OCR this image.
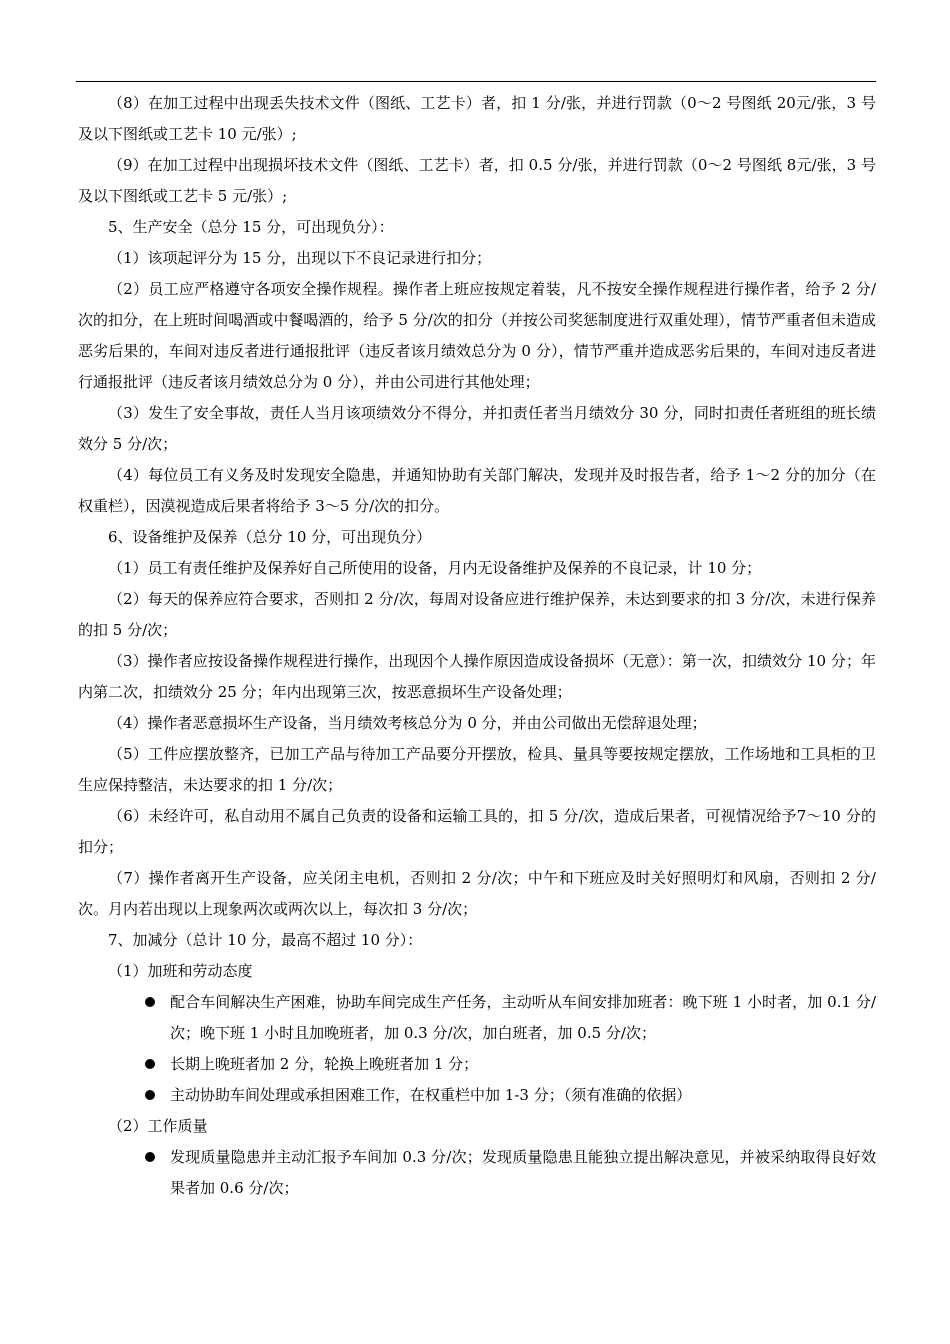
（8）在加工过程中出现丢失技术文件（图纸、工艺卡）者，扣 1 分/张，并进行罚款（0～2 号图纸 20元/张，3 号及以下图纸或工艺卡 10 元/张）;

（9）在加工过程中出现损坏技术文件（图纸、工艺卡）者，扣 0.5 分/张，并进行罚款（0～2 号图纸 8元/张，3 号及以下图纸或工艺卡 5 元/张）;

5、生产安全（总分 15 分，可出现负分）：

（1）该项起评分为 15 分，出现以下不良记录进行扣分；

（2）员工应严格遵守各项安全操作规程。操作者上班应按规定着装，凡不按安全操作规程进行操作者，给予 2 分/次的扣分，在上班时间喝酒或中餐喝酒的，给予 5 分/次的扣分（并按公司奖惩制度进行双重处理），情节严重者但未造成恶劣后果的，车间对违反者进行通报批评（违反者该月绩效总分为 0 分），情节严重并造成恶劣后果的，车间对违反者进行通报批评（违反者该月绩效总分为 0 分），并由公司进行其他处理；

（3）发生了安全事故，责任人当月该项绩效分不得分，并扣责任者当月绩效分 30 分，同时扣责任者班组的班长绩效分 5 分/次；

（4）每位员工有义务及时发现安全隐患，并通知协助有关部门解决，发现并及时报告者，给予 1～2 分的加分（在权重栏），因漠视造成后果者将给予 3～5 分/次的扣分。

6、设备维护及保养（总分 10 分，可出现负分）

（1）员工有责任维护及保养好自己所使用的设备，月内无设备维护及保养的不良记录，计 10 分；

（2）每天的保养应符合要求，否则扣 2 分/次，每周对设备应进行维护保养，未达到要求的扣 3 分/次，未进行保养的扣 5 分/次；

（3）操作者应按设备操作规程进行操作，出现因个人操作原因造成设备损坏（无意）：第一次，扣绩效分 10 分；年内第二次，扣绩效分 25 分；年内出现第三次，按恶意损坏生产设备处理；

（4）操作者恶意损坏生产设备，当月绩效考核总分为 0 分，并由公司做出无偿辞退处理；

（5）工件应摆放整齐，已加工产品与待加工产品要分开摆放，检具、量具等要按规定摆放，工作场地和工具柜的卫生应保持整洁，未达要求的扣 1 分/次；

（6）未经许可，私自动用不属自己负责的设备和运输工具的，扣 5 分/次，造成后果者，可视情况给予7～10 分的扣分；

（7）操作者离开生产设备，应关闭主电机，否则扣 2 分/次；中午和下班应及时关好照明灯和风扇，否则扣 2 分/次。月内若出现以上现象两次或两次以上，每次扣 3 分/次；

7、加减分（总计 10 分，最高不超过 10 分）：

（1）加班和劳动态度

配合车间解决生产困难，协助车间完成生产任务，主动听从车间安排加班者：晚下班 1 小时者，加 0.1 分/次；晚下班 1 小时且加晚班者，加 0.3 分/次，加白班者，加 0.5 分/次；
长期上晚班者加 2 分，轮换上晚班者加 1 分；
主动协助车间处理或承担困难工作，在权重栏中加 1-3 分；（须有准确的依据）

（2）工作质量

发现质量隐患并主动汇报予车间加 0.3 分/次；发现质量隐患且能独立提出解决意见，并被采纳取得良好效果者加 0.6 分/次；
